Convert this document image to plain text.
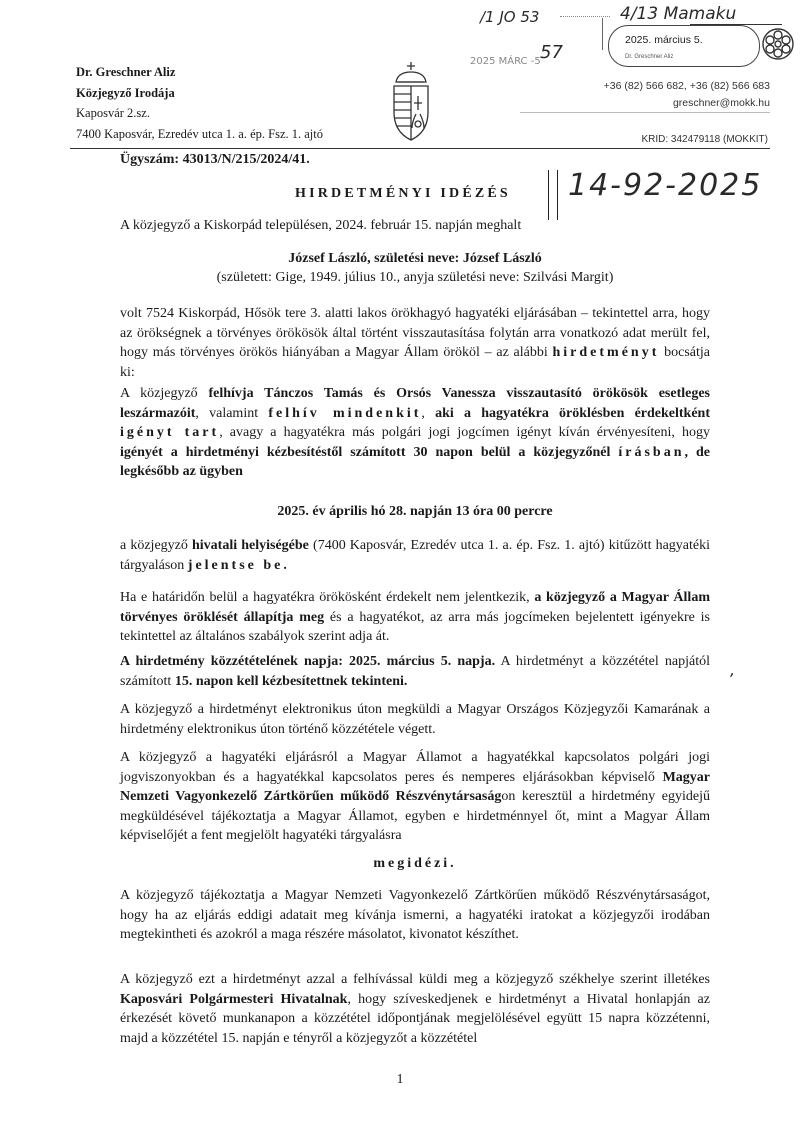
/1 JO 53	4/13 Mamaku
2025 MÁRC -5 57
2025. március 5.
Dr. Greschner Aliz
Dr. Greschner Aliz
Közjegyző Irodája
Kaposvár 2.sz.
7400 Kaposvár, Ezredév utca 1. a. ép. Fsz. 1. ajtó
+36 (82) 566 682, +36 (82) 566 683
greschner@mokk.hu
KRID: 342479118 (MOKKIT)
Ügyszám: 43013/N/215/2024/41.
HIRDETMÉNYI IDÉZÉS 14-92-2025
A közjegyző a Kiskorpád településen, 2024. február 15. napján meghalt
József László, születési neve: József László
(született: Gige, 1949. július 10., anyja születési neve: Szilvási Margit)
volt 7524 Kiskorpád, Hősök tere 3. alatti lakos örökhagyó hagyatéki eljárásában – tekintettel arra, hogy az örökségnek a törvényes örökösök által történt visszautasítása folytán arra vonatkozó adat merült fel, hogy más törvényes örökös hiányában a Magyar Állam örököl – az alábbi hirdetményt bocsátja ki:
A közjegyző felhívja Tánczos Tamás és Orsós Vanessza visszautasító örökösök esetleges leszármazóit, valamint felhív mindenkit, aki a hagyatékra öröklésben érdekeltként igényt tart, avagy a hagyatékra más polgári jogi jogcímen igényt kíván érvényesíteni, hogy igényét a hirdetményi kézbesítéstől számított 30 napon belül a közjegyzőnél írásban, de legkésőbb az ügyben
2025. év április hó 28. napján 13 óra 00 percre
a közjegyző hivatali helyiségébe (7400 Kaposvár, Ezredév utca 1. a. ép. Fsz. 1. ajtó) kitűzött hagyatéki tárgyaláson jelentse be.
Ha e határidőn belül a hagyatékra örökösként érdekelt nem jelentkezik, a közjegyző a Magyar Állam törvényes öröklését állapítja meg és a hagyatékot, az arra más jogcímeken bejelentett igényekre is tekintettel az általános szabályok szerint adja át.
A hirdetmény közzétételének napja: 2025. március 5. napja. A hirdetményt a közzététel napjától számított 15. napon kell kézbesítettnek tekinteni.
,
A közjegyző a hirdetményt elektronikus úton megküldi a Magyar Országos Közjegyzői Kamarának a hirdetmény elektronikus úton történő közzététele végett.
A közjegyző a hagyatéki eljárásról a Magyar Államot a hagyatékkal kapcsolatos polgári jogi jogviszonyokban és a hagyatékkal kapcsolatos peres és nemperes eljárásokban képviselő Magyar Nemzeti Vagyonkezelő Zártkörűen működő Részvénytársaságon keresztül a hirdetmény egyidejű megküldésével tájékoztatja a Magyar Államot, egyben e hirdetménnyel őt, mint a Magyar Állam képviselőjét a fent megjelölt hagyatéki tárgyalásra
megidézi.
A közjegyző tájékoztatja a Magyar Nemzeti Vagyonkezelő Zártkörűen működő Részvénytársaságot, hogy ha az eljárás eddigi adatait meg kívánja ismerni, a hagyatéki iratokat a közjegyzői irodában megtekintheti és azokról a maga részére másolatot, kivonatot készíthet.
A közjegyző ezt a hirdetményt azzal a felhívással küldi meg a közjegyző székhelye szerint illetékes Kaposvári Polgármesteri Hivatalnak, hogy szíveskedjenek e hirdetményt a Hivatal honlapján az érkezését követő munkanapon a közzététel időpontjának megjelölésével együtt 15 napra közzétenni, majd a közzététel 15. napján e tényről a közjegyzőt a közzététel
1
